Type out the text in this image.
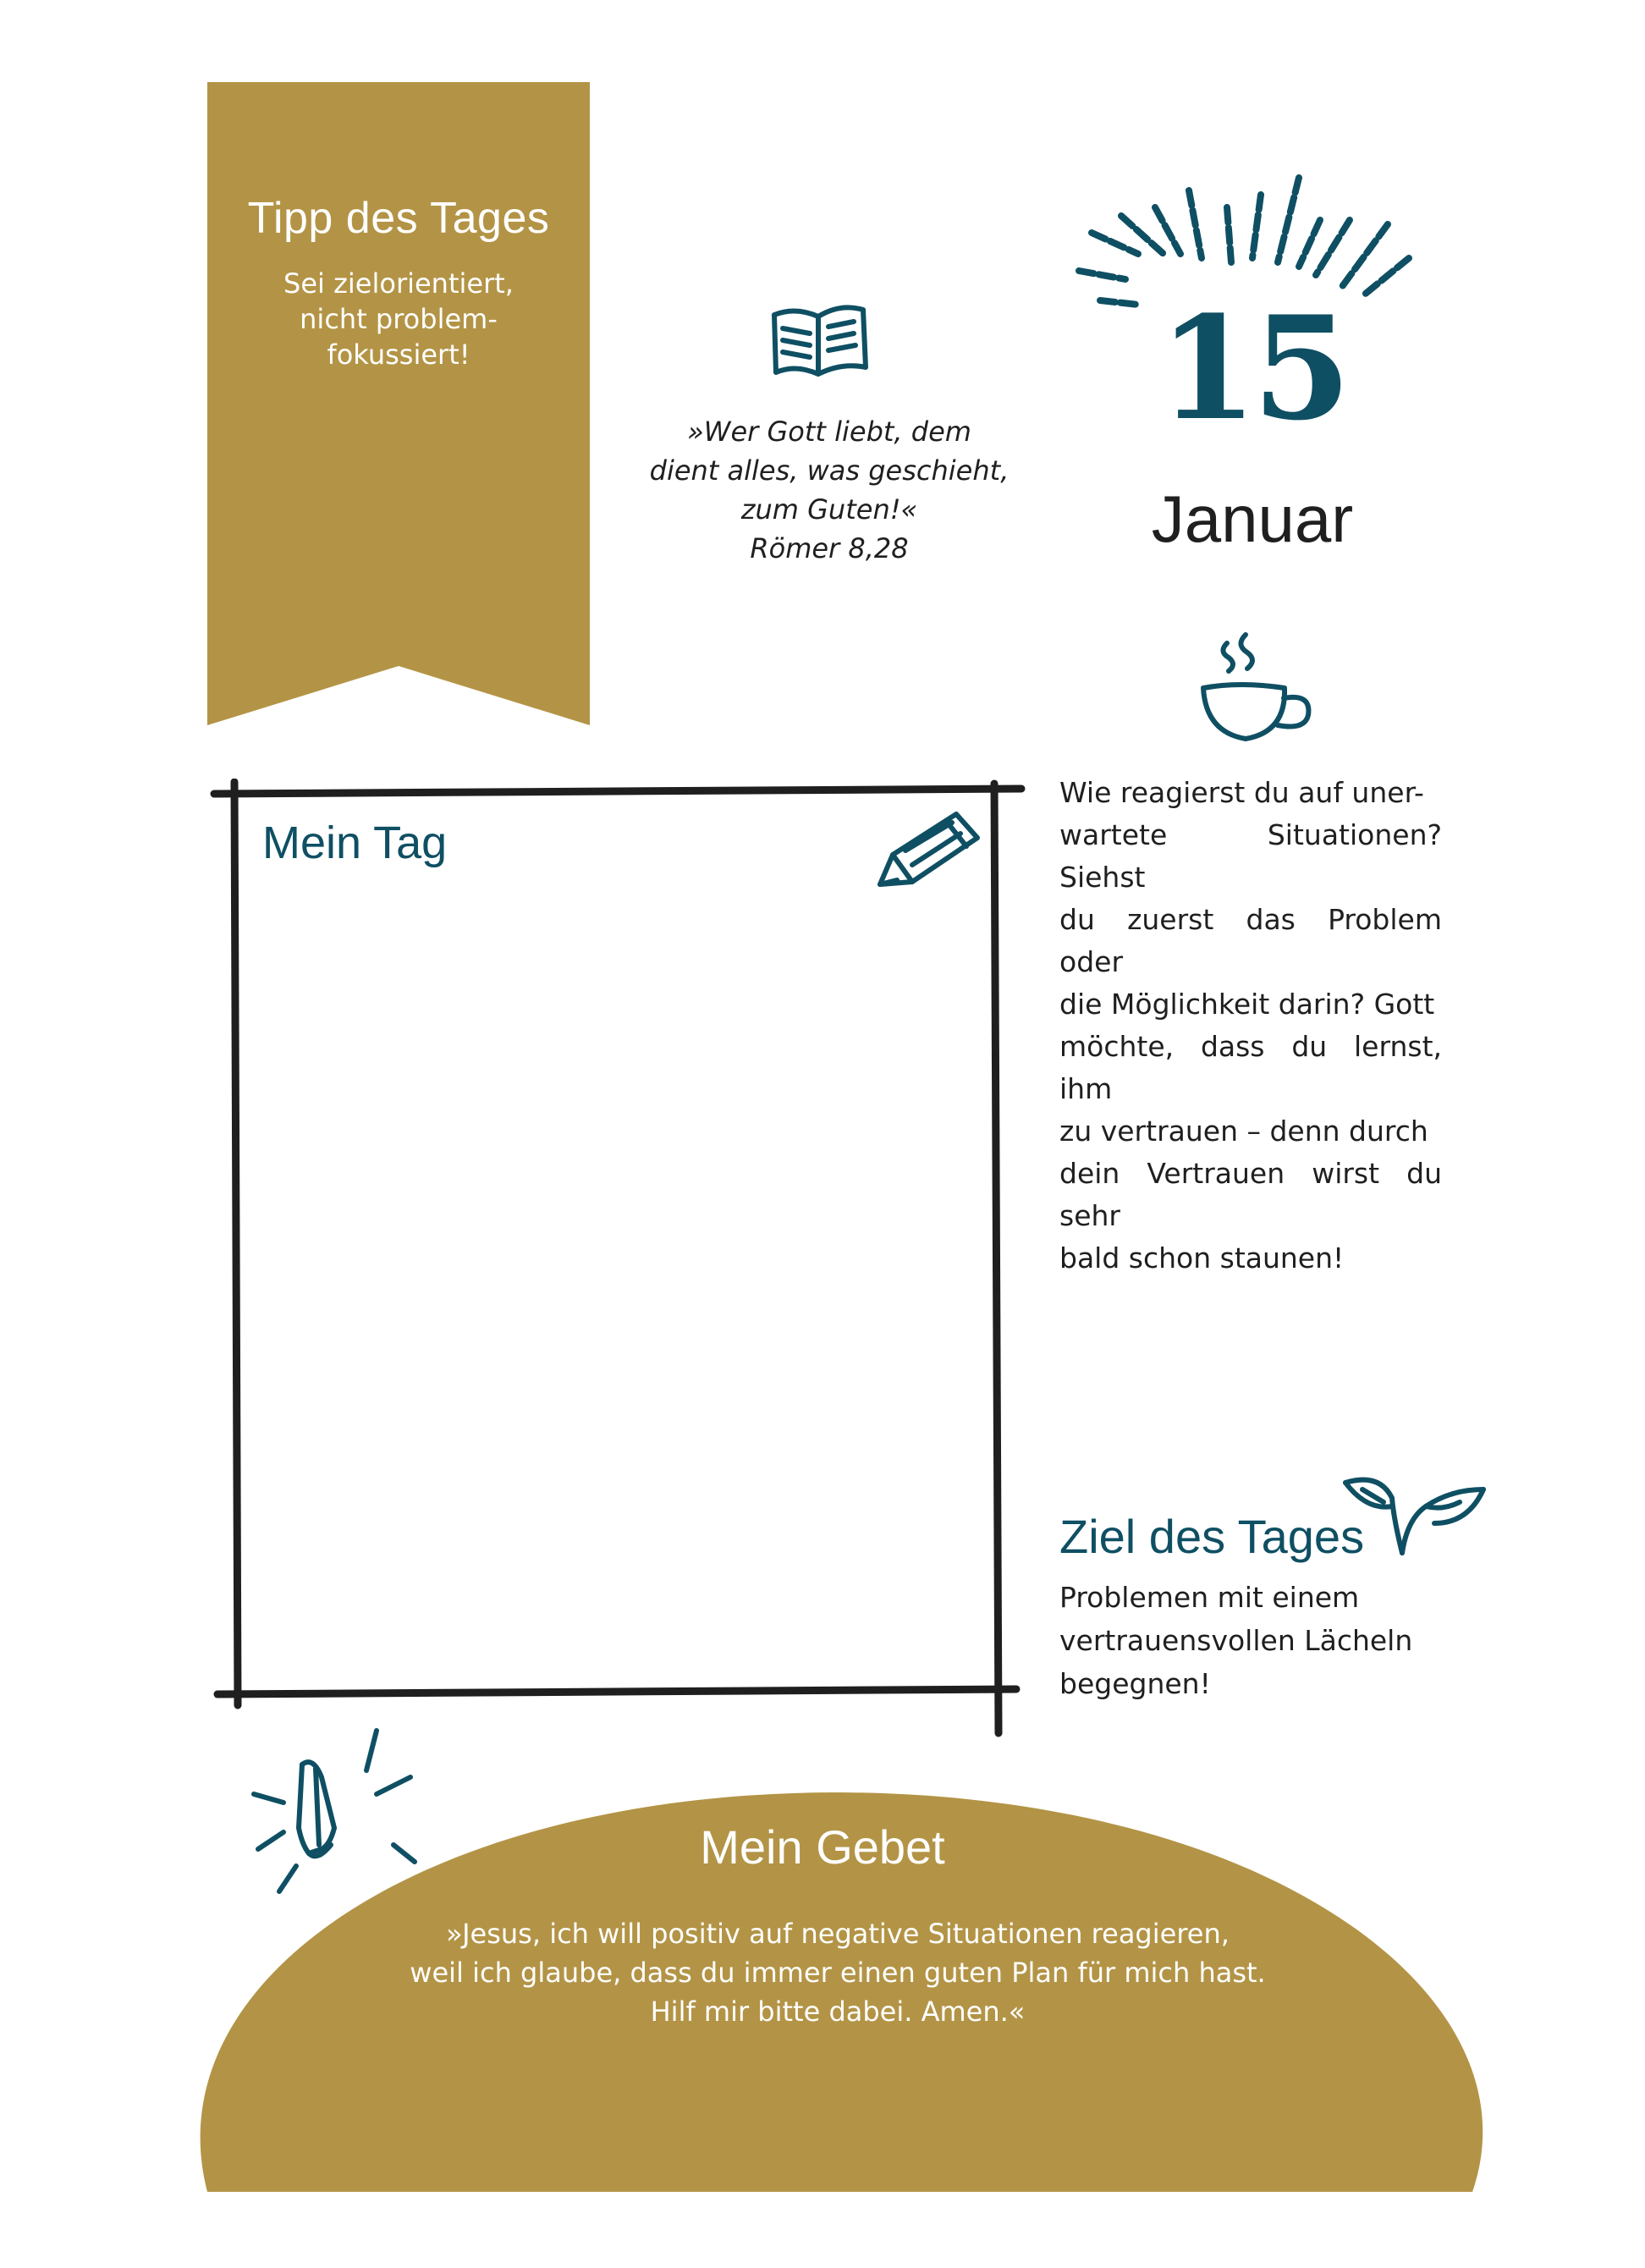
Tipp des Tages
Sei zielorientiert,
nicht problem-
fokussiert!
»Wer Gott liebt, dem
dient alles, was geschieht,
zum Guten!«
Römer 8,28
15
Januar
Wie reagierst du auf uner-
wartete Situationen? Siehst
du zuerst das Problem oder
die Möglichkeit darin? Gott
möchte, dass du lernst, ihm
zu vertrauen – denn durch
dein Vertrauen wirst du sehr
bald schon staunen!
Mein Tag
Ziel des Tages
Problemen mit einem
vertrauensvollen Lächeln
begegnen!
Mein Gebet
»Jesus, ich will positiv auf negative Situationen reagieren,
weil ich glaube, dass du immer einen guten Plan für mich hast.
Hilf mir bitte dabei. Amen.«
